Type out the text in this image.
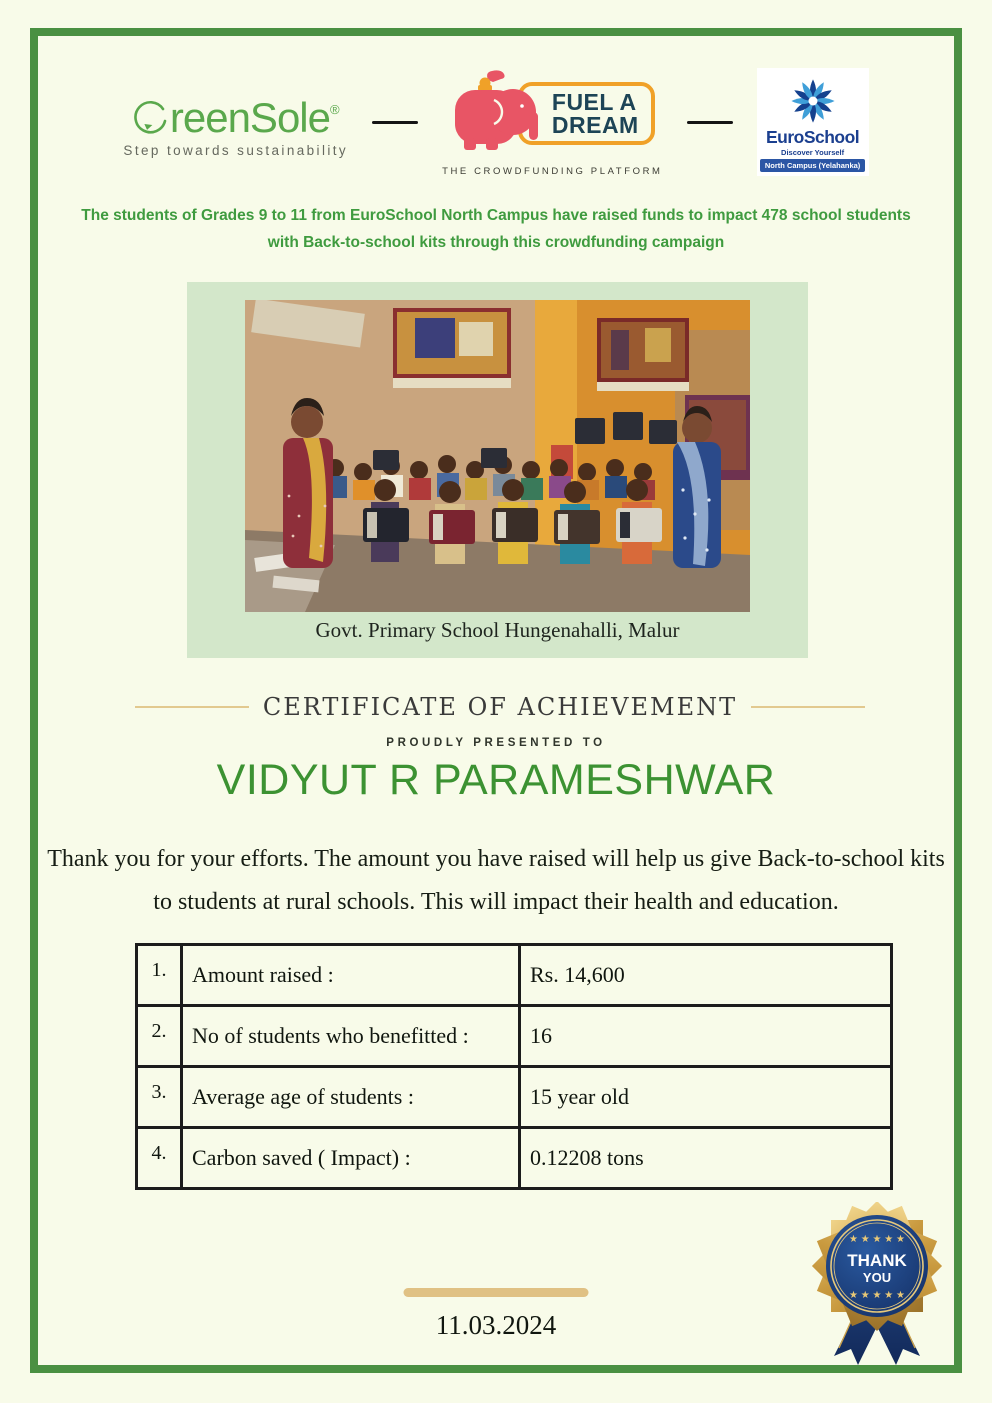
reenSole ®
Step towards sustainability
FUEL A
DREAM
THE CROWDFUNDING PLATFORM
EuroSchool
Discover Yourself
North Campus (Yelahanka)
The students of Grades 9 to 11 from EuroSchool North Campus have raised funds to impact 478 school students with Back-to-school kits through this crowdfunding campaign
Govt. Primary School Hungenahalli, Malur
CERTIFICATE OF ACHIEVEMENT
PROUDLY PRESENTED TO
VIDYUT R PARAMESHWAR
Thank you for your efforts. The amount you have raised will help us give Back-to-school kits to students at rural schools. This will impact their health and education.
1.	Amount raised :	Rs. 14,600
2.	No of students who benefitted :	16
3.	Average age of students :	15 year old
4.	Carbon saved ( Impact) :	0.12208 tons
11.03.2024
★ ★ ★ ★ ★
THANK
YOU
★ ★ ★ ★ ★
